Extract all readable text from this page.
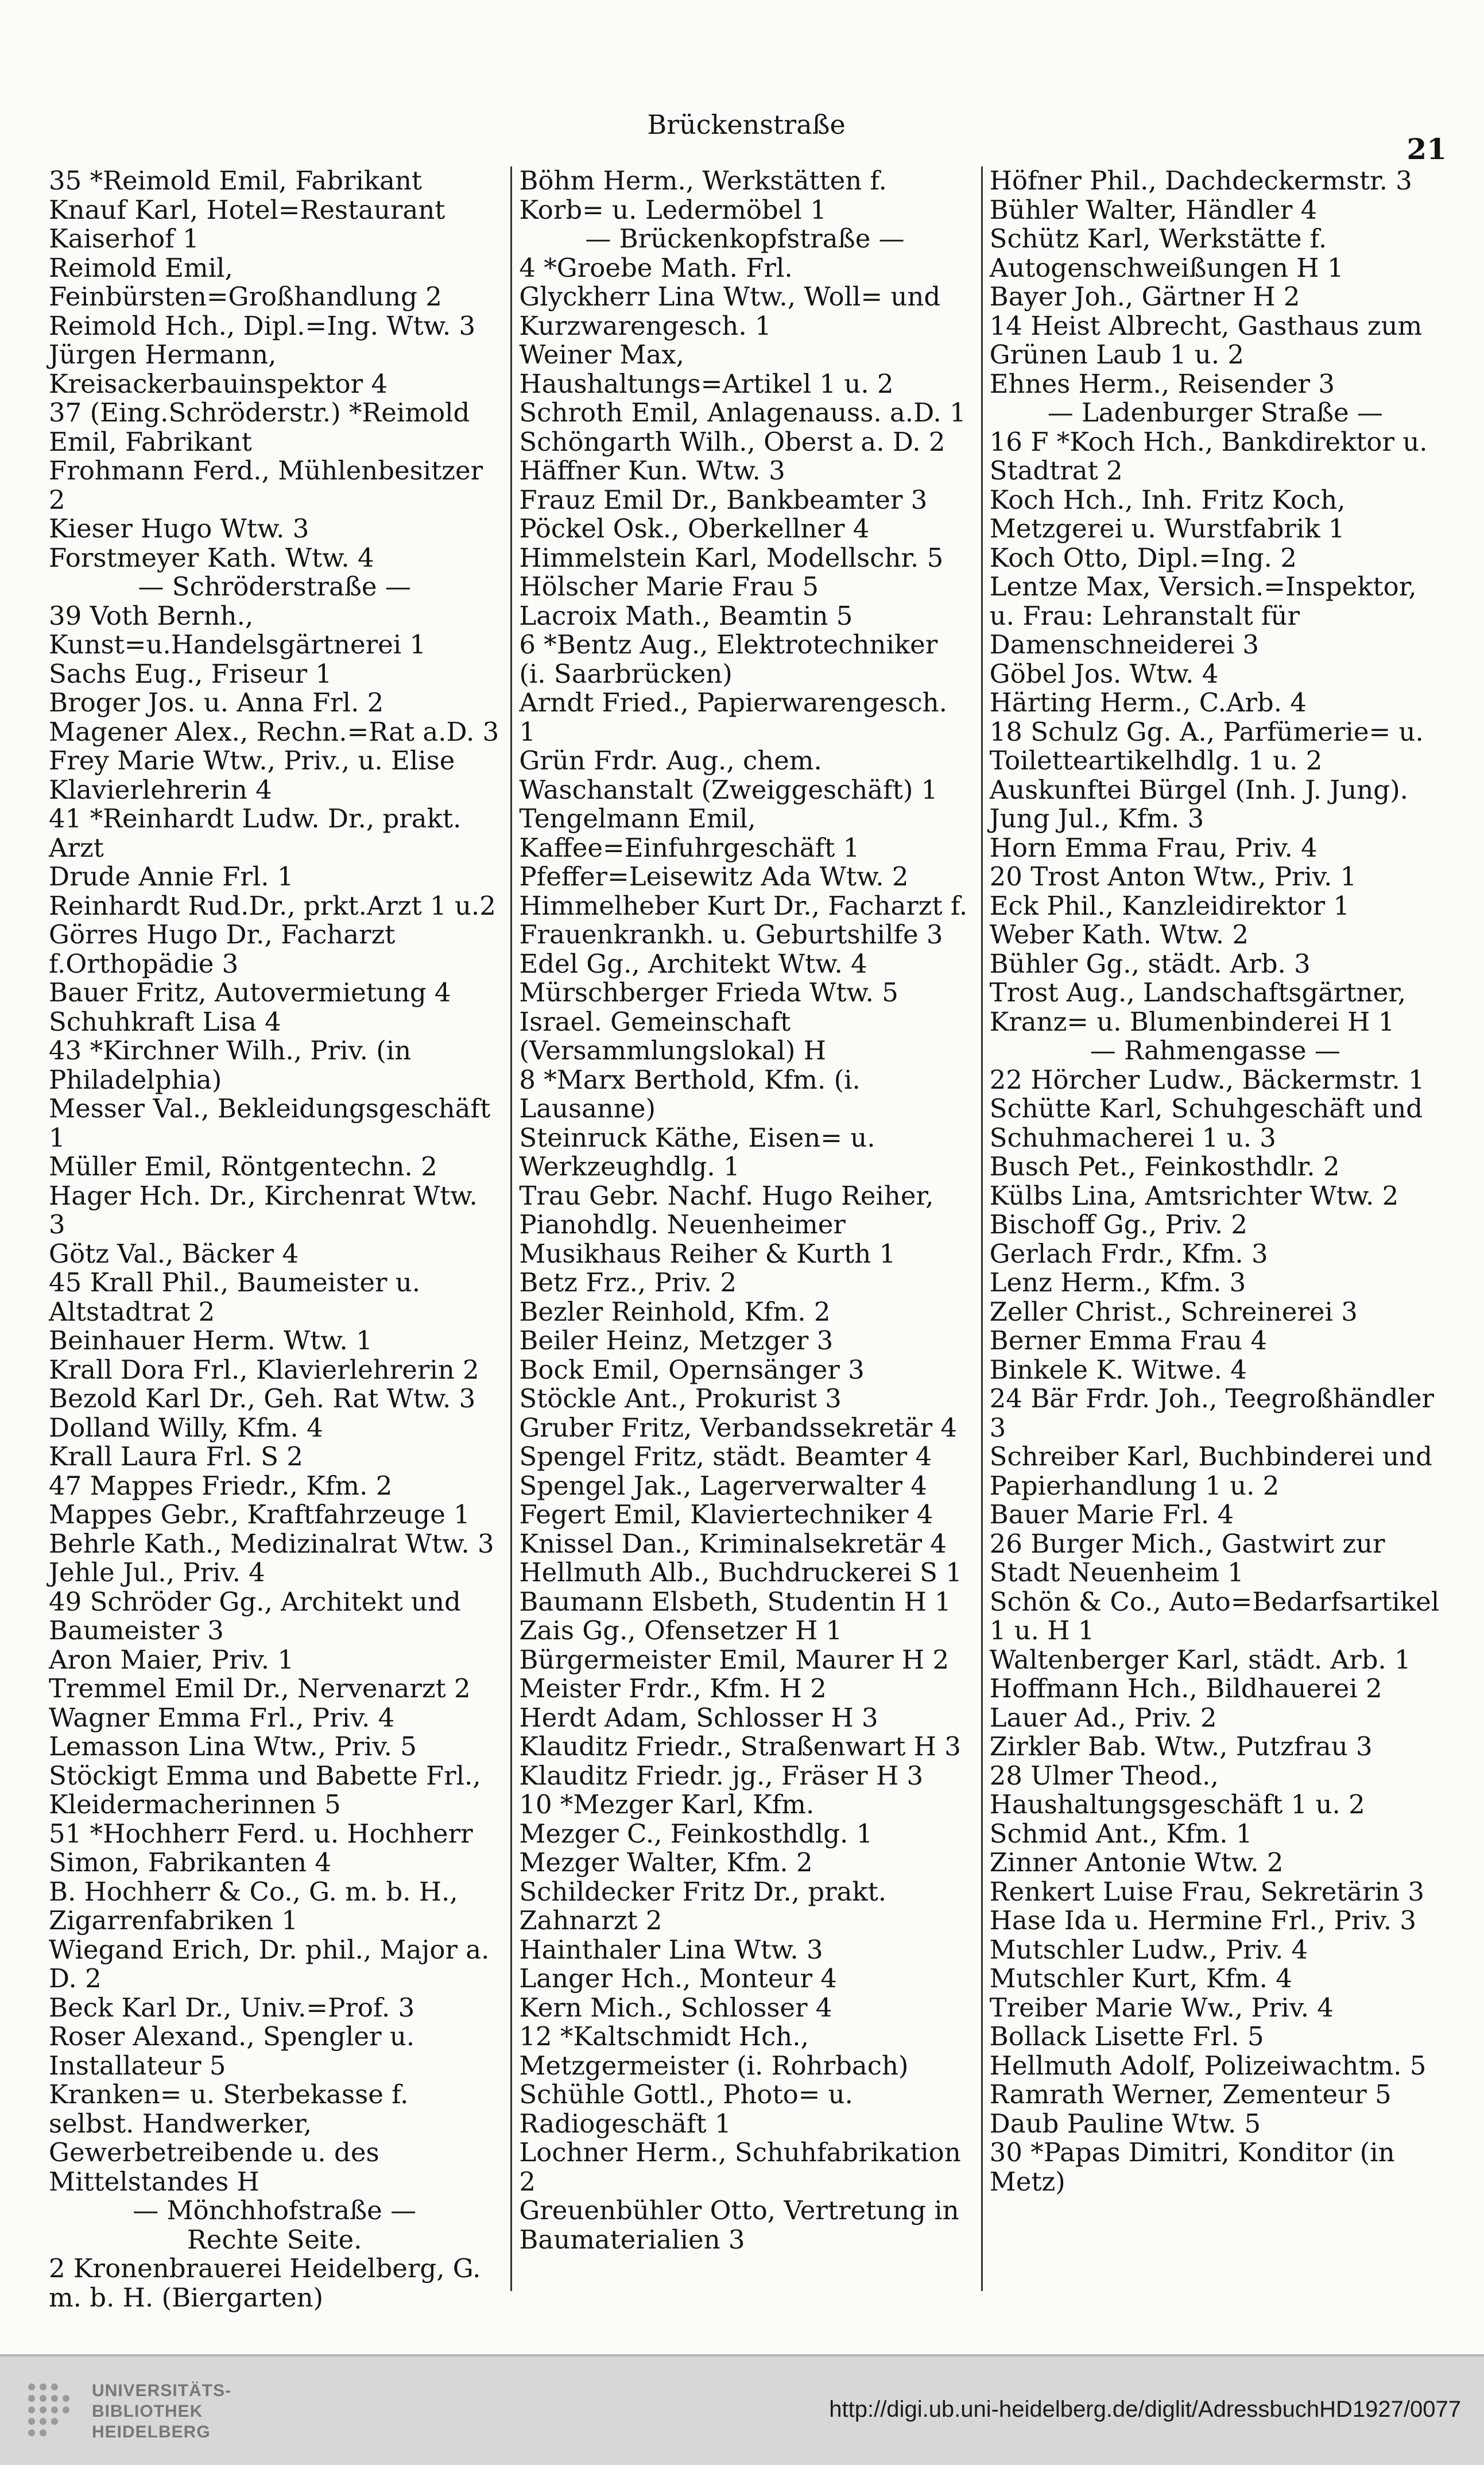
Brückenstraße
21

35 *Reimold Emil, Fabrikant

Knauf Karl, Hotel=Restaurant Kaiserhof 1

Reimold Emil, Feinbürsten=Großhandlung 2

Reimold Hch., Dipl.=Ing. Wtw. 3

Jürgen Hermann, Kreisackerbauinspektor 4

37 (Eing.Schröderstr.) *Reimold Emil, Fabrikant

Frohmann Ferd., Mühlenbesitzer 2

Kieser Hugo Wtw. 3

Forstmeyer Kath. Wtw. 4

— Schröderstraße —

39 Voth Bernh., Kunst=u.Handelsgärtnerei 1

Sachs Eug., Friseur 1

Broger Jos. u. Anna Frl. 2

Magener Alex., Rechn.=Rat a.D. 3

Frey Marie Wtw., Priv., u. Elise Klavierlehrerin 4

41 *Reinhardt Ludw. Dr., prakt. Arzt

Drude Annie Frl. 1

Reinhardt Rud.Dr., prkt.Arzt 1 u.2

Görres Hugo Dr., Facharzt f.Orthopädie 3

Bauer Fritz, Autovermietung 4

Schuhkraft Lisa 4

43 *Kirchner Wilh., Priv. (in Philadelphia)

Messer Val., Bekleidungsgeschäft 1

Müller Emil, Röntgentechn. 2

Hager Hch. Dr., Kirchenrat Wtw. 3

Götz Val., Bäcker 4

45 Krall Phil., Baumeister u. Altstadtrat 2

Beinhauer Herm. Wtw. 1

Krall Dora Frl., Klavierlehrerin 2

Bezold Karl Dr., Geh. Rat Wtw. 3

Dolland Willy, Kfm. 4

Krall Laura Frl. S 2

47 Mappes Friedr., Kfm. 2

Mappes Gebr., Kraftfahrzeuge 1

Behrle Kath., Medizinalrat Wtw. 3

Jehle Jul., Priv. 4

49 Schröder Gg., Architekt und Baumeister 3

Aron Maier, Priv. 1

Tremmel Emil Dr., Nervenarzt 2

Wagner Emma Frl., Priv. 4

Lemasson Lina Wtw., Priv. 5

Stöckigt Emma und Babette Frl., Kleidermacherinnen 5

51 *Hochherr Ferd. u. Hochherr Simon, Fabrikanten 4

B. Hochherr & Co., G. m. b. H., Zigarrenfabriken 1

Wiegand Erich, Dr. phil., Major a. D. 2

Beck Karl Dr., Univ.=Prof. 3

Roser Alexand., Spengler u. Installateur 5

Kranken= u. Sterbekasse f. selbst. Handwerker, Gewerbetreibende u. des Mittelstandes H

— Mönchhofstraße —

Rechte Seite.

2 Kronenbrauerei Heidelberg, G. m. b. H. (Biergarten)

Böhm Herm., Werkstätten f. Korb= u. Ledermöbel 1

— Brückenkopfstraße —

4 *Groebe Math. Frl.

Glyckherr Lina Wtw., Woll= und Kurzwarengesch. 1

Weiner Max, Haushaltungs=Artikel 1 u. 2

Schroth Emil, Anlagenauss. a.D. 1

Schöngarth Wilh., Oberst a. D. 2

Häffner Kun. Wtw. 3

Frauz Emil Dr., Bankbeamter 3

Pöckel Osk., Oberkellner 4

Himmelstein Karl, Modellschr. 5

Hölscher Marie Frau 5

Lacroix Math., Beamtin 5

6 *Bentz Aug., Elektrotechniker (i. Saarbrücken)

Arndt Fried., Papierwarengesch. 1

Grün Frdr. Aug., chem. Waschanstalt (Zweiggeschäft) 1

Tengelmann Emil, Kaffee=Einfuhrgeschäft 1

Pfeffer=Leisewitz Ada Wtw. 2

Himmelheber Kurt Dr., Facharzt f. Frauenkrankh. u. Geburtshilfe 3

Edel Gg., Architekt Wtw. 4

Mürschberger Frieda Wtw. 5

Israel. Gemeinschaft (Versammlungslokal) H

8 *Marx Berthold, Kfm. (i. Lausanne)

Steinruck Käthe, Eisen= u. Werkzeughdlg. 1

Trau Gebr. Nachf. Hugo Reiher, Pianohdlg. Neuenheimer Musikhaus Reiher & Kurth 1

Betz Frz., Priv. 2

Bezler Reinhold, Kfm. 2

Beiler Heinz, Metzger 3

Bock Emil, Opernsänger 3

Stöckle Ant., Prokurist 3

Gruber Fritz, Verbandssekretär 4

Spengel Fritz, städt. Beamter 4

Spengel Jak., Lagerverwalter 4

Fegert Emil, Klaviertechniker 4

Knissel Dan., Kriminalsekretär 4

Hellmuth Alb., Buchdruckerei S 1

Baumann Elsbeth, Studentin H 1

Zais Gg., Ofensetzer H 1

Bürgermeister Emil, Maurer H 2

Meister Frdr., Kfm. H 2

Herdt Adam, Schlosser H 3

Klauditz Friedr., Straßenwart H 3

Klauditz Friedr. jg., Fräser H 3

10 *Mezger Karl, Kfm.

Mezger C., Feinkosthdlg. 1

Mezger Walter, Kfm. 2

Schildecker Fritz Dr., prakt. Zahnarzt 2

Hainthaler Lina Wtw. 3

Langer Hch., Monteur 4

Kern Mich., Schlosser 4

12 *Kaltschmidt Hch., Metzgermeister (i. Rohrbach)

Schühle Gottl., Photo= u. Radiogeschäft 1

Lochner Herm., Schuhfabrikation 2

Greuenbühler Otto, Vertretung in Baumaterialien 3

Höfner Phil., Dachdeckermstr. 3

Bühler Walter, Händler 4

Schütz Karl, Werkstätte f. Autogenschweißungen H 1

Bayer Joh., Gärtner H 2

14 Heist Albrecht, Gasthaus zum Grünen Laub 1 u. 2

Ehnes Herm., Reisender 3

— Ladenburger Straße —

16 F *Koch Hch., Bankdirektor u. Stadtrat 2

Koch Hch., Inh. Fritz Koch, Metzgerei u. Wurstfabrik 1

Koch Otto, Dipl.=Ing. 2

Lentze Max, Versich.=Inspektor, u. Frau: Lehranstalt für Damenschneiderei 3

Göbel Jos. Wtw. 4

Härting Herm., C.Arb. 4

18 Schulz Gg. A., Parfümerie= u. Toiletteartikelhdlg. 1 u. 2

Auskunftei Bürgel (Inh. J. Jung). Jung Jul., Kfm. 3

Horn Emma Frau, Priv. 4

20 Trost Anton Wtw., Priv. 1

Eck Phil., Kanzleidirektor 1

Weber Kath. Wtw. 2

Bühler Gg., städt. Arb. 3

Trost Aug., Landschaftsgärtner, Kranz= u. Blumenbinderei H 1

— Rahmengasse —

22 Hörcher Ludw., Bäckermstr. 1

Schütte Karl, Schuhgeschäft und Schuhmacherei 1 u. 3

Busch Pet., Feinkosthdlr. 2

Külbs Lina, Amtsrichter Wtw. 2

Bischoff Gg., Priv. 2

Gerlach Frdr., Kfm. 3

Lenz Herm., Kfm. 3

Zeller Christ., Schreinerei 3

Berner Emma Frau 4

Binkele K. Witwe. 4

24 Bär Frdr. Joh., Teegroßhändler 3

Schreiber Karl, Buchbinderei und Papierhandlung 1 u. 2

Bauer Marie Frl. 4

26 Burger Mich., Gastwirt zur Stadt Neuenheim 1

Schön & Co., Auto=Bedarfsartikel 1 u. H 1

Waltenberger Karl, städt. Arb. 1

Hoffmann Hch., Bildhauerei 2

Lauer Ad., Priv. 2

Zirkler Bab. Wtw., Putzfrau 3

28 Ulmer Theod., Haushaltungsgeschäft 1 u. 2

Schmid Ant., Kfm. 1

Zinner Antonie Wtw. 2

Renkert Luise Frau, Sekretärin 3

Hase Ida u. Hermine Frl., Priv. 3

Mutschler Ludw., Priv. 4

Mutschler Kurt, Kfm. 4

Treiber Marie Ww., Priv. 4

Bollack Lisette Frl. 5

Hellmuth Adolf, Polizeiwachtm. 5

Ramrath Werner, Zementeur 5

Daub Pauline Wtw. 5

30 *Papas Dimitri, Konditor (in Metz)

UNIVERSITÄTS-
BIBLIOTHEK
HEIDELBERG
http://digi.ub.uni-heidelberg.de/diglit/AdressbuchHD1927/0077
